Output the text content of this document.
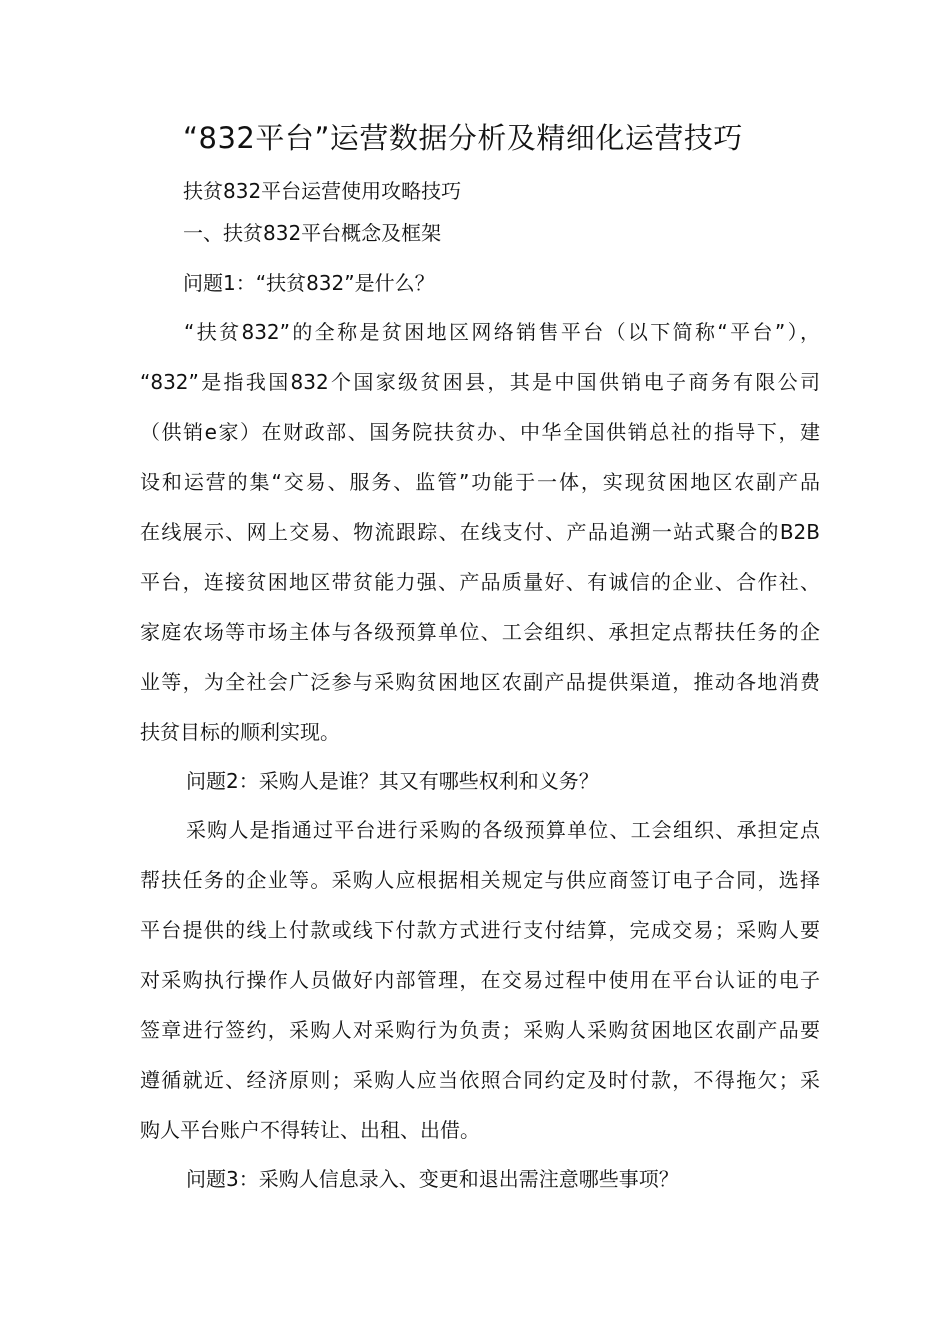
“832平台”运营数据分析及精细化运营技巧
扶贫832平台运营使用攻略技巧
一、扶贫832平台概念及框架
问题1：“扶贫832”是什么？
“扶贫832”的全称是贫困地区网络销售平台（以下简称“平台”），
“832”是指我国832个国家级贫困县，其是中国供销电子商务有限公司
（供销e家）在财政部、国务院扶贫办、中华全国供销总社的指导下，建
设和运营的集“交易、服务、监管”功能于一体，实现贫困地区农副产品
在线展示、网上交易、物流跟踪、在线支付、产品追溯一站式聚合的B2B
平台，连接贫困地区带贫能力强、产品质量好、有诚信的企业、合作社、
家庭农场等市场主体与各级预算单位、工会组织、承担定点帮扶任务的企
业等，为全社会广泛参与采购贫困地区农副产品提供渠道，推动各地消费
扶贫目标的顺利实现。
问题2：采购人是谁？其又有哪些权利和义务？
采购人是指通过平台进行采购的各级预算单位、工会组织、承担定点
帮扶任务的企业等。采购人应根据相关规定与供应商签订电子合同，选择
平台提供的线上付款或线下付款方式进行支付结算，完成交易；采购人要
对采购执行操作人员做好内部管理，在交易过程中使用在平台认证的电子
签章进行签约，采购人对采购行为负责；采购人采购贫困地区农副产品要
遵循就近、经济原则；采购人应当依照合同约定及时付款，不得拖欠；采
购人平台账户不得转让、出租、出借。
问题3：采购人信息录入、变更和退出需注意哪些事项？
